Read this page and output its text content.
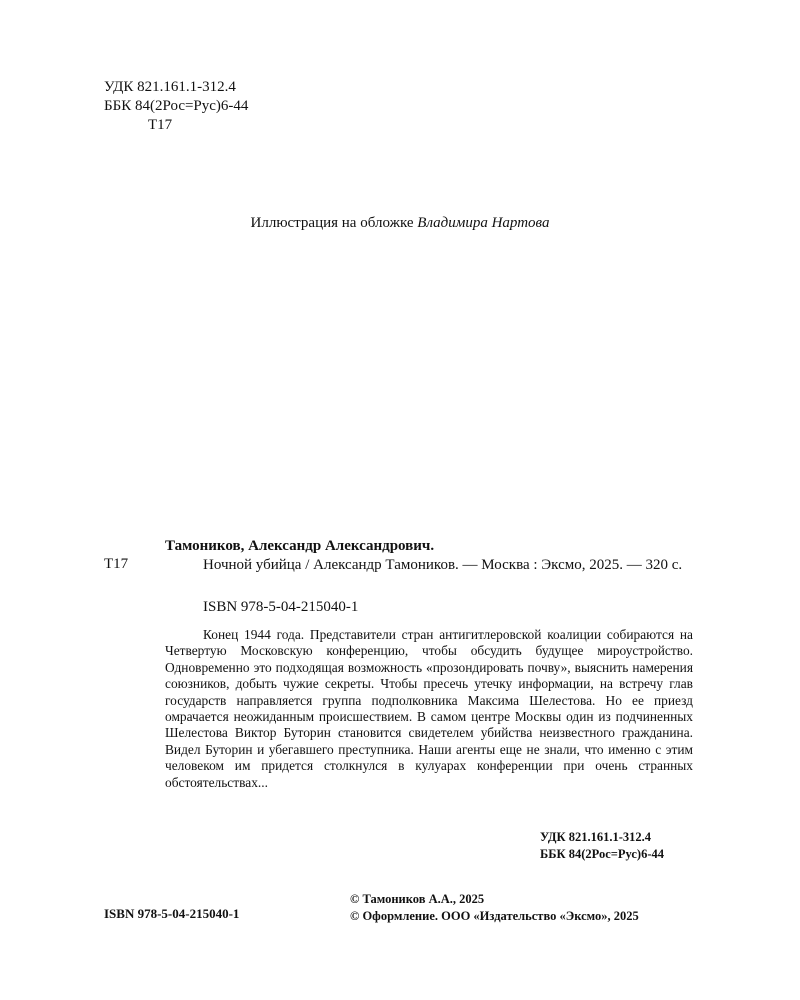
УДК 821.161.1-312.4
ББК 84(2Рос=Рус)6-44
Т17
Иллюстрация на обложке Владимира Нартова
Тамоников, Александр Александрович.
Т17	Ночной убийца / Александр Тамоников. — Москва : Эксмо, 2025. — 320 с.
ISBN 978-5-04-215040-1
Конец 1944 года. Представители стран антигитлеровской коалиции собираются на Четвертую Московскую конференцию, чтобы обсудить будущее мироустройство. Одновременно это подходящая возможность «прозондировать почву», выяснить намерения союзников, добыть чужие секреты. Чтобы пресечь утечку информации, на встречу глав государств направляется группа подполковника Максима Шелестова. Но ее приезд омрачается неожиданным происшествием. В самом центре Москвы один из подчиненных Шелестова Виктор Буторин становится свидетелем убийства неизвестного гражданина. Видел Буторин и убегавшего преступника. Наши агенты еще не знали, что именно с этим человеком им придется столкнулся в кулуарах конференции при очень странных обстоятельствах...
УДК 821.161.1-312.4
ББК 84(2Рос=Рус)6-44
ISBN 978-5-04-215040-1
© Тамоников А.А., 2025
© Оформление. ООО «Издательство «Эксмо», 2025
